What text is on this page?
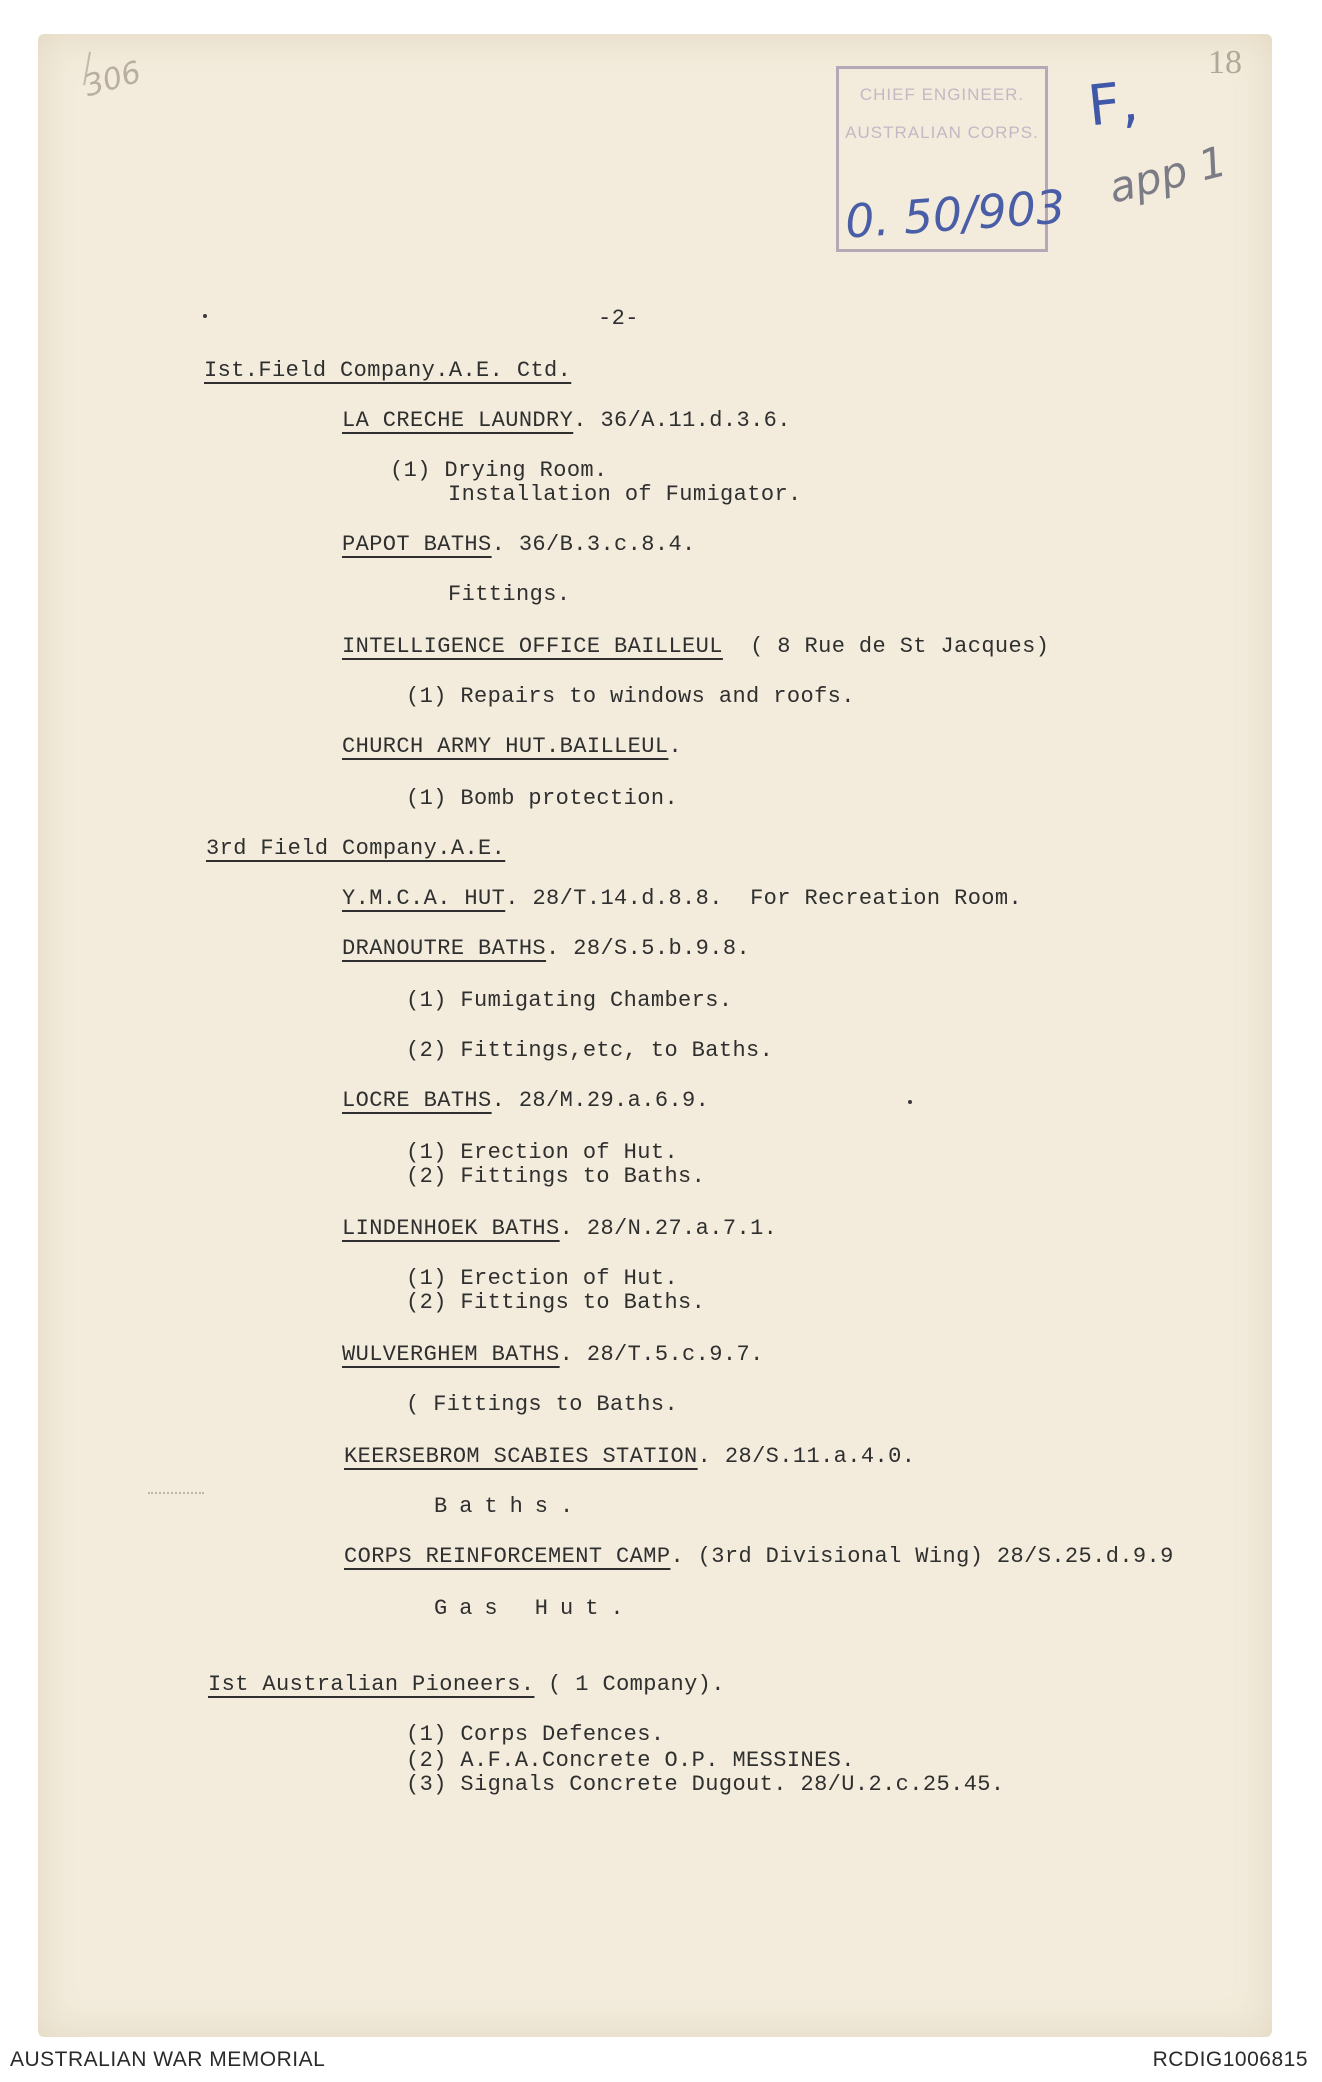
306	18
CHIEF ENGINEER.
AUSTRALIAN CORPS.
0. 50/903
F,
app 1
-2-
Ist.Field Company.A.E. Ctd.
LA CRECHE LAUNDRY. 36/A.11.d.3.6.
(1) Drying Room.
Installation of Fumigator.
PAPOT BATHS. 36/B.3.c.8.4.
Fittings.
INTELLIGENCE OFFICE BAILLEUL  ( 8 Rue de St Jacques)
(1) Repairs to windows and roofs.
CHURCH ARMY HUT.BAILLEUL.
(1) Bomb protection.
3rd Field Company.A.E.
Y.M.C.A. HUT. 28/T.14.d.8.8.  For Recreation Room.
DRANOUTRE BATHS. 28/S.5.b.9.8.
(1) Fumigating Chambers.
(2) Fittings,etc, to Baths.
LOCRE BATHS. 28/M.29.a.6.9.
(1) Erection of Hut.
(2) Fittings to Baths.
LINDENHOEK BATHS. 28/N.27.a.7.1.
(1) Erection of Hut.
(2) Fittings to Baths.
WULVERGHEM BATHS. 28/T.5.c.9.7.
( Fittings to Baths.
KEERSEBROM SCABIES STATION. 28/S.11.a.4.0.
Baths.
CORPS REINFORCEMENT CAMP. (3rd Divisional Wing) 28/S.25.d.9.9
Gas Hut.
Ist Australian Pioneers. ( 1 Company).
(1) Corps Defences.
(2) A.F.A.Concrete O.P. MESSINES.
(3) Signals Concrete Dugout. 28/U.2.c.25.45.
AUSTRALIAN WAR MEMORIAL	RCDIG1006815
